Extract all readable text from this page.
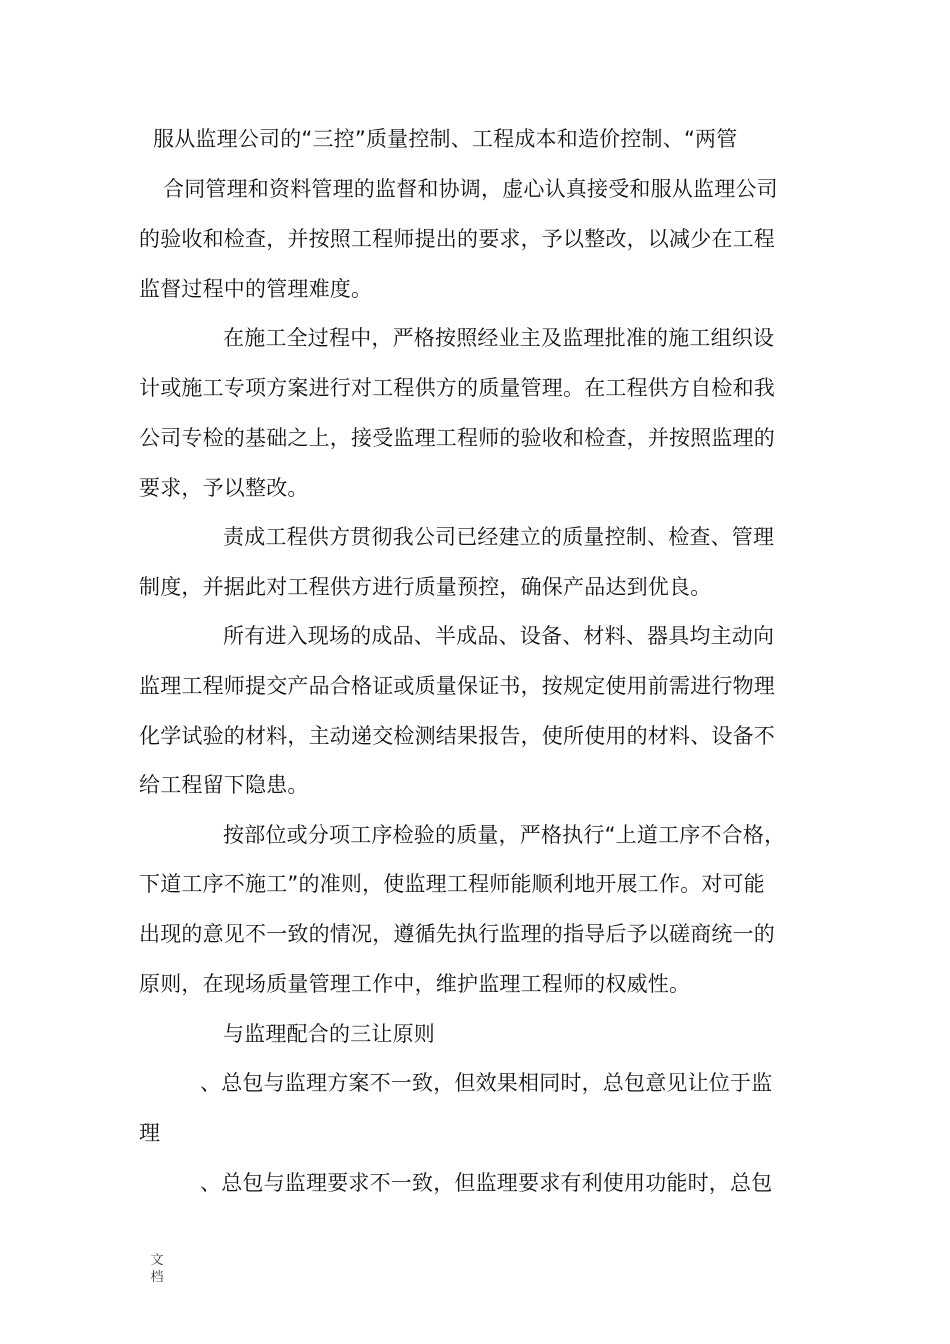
服从监理公司的“三控”质量控制、工程成本和造价控制、“两管
合同管理和资料管理的监督和协调，虚心认真接受和服从监理公司
的验收和检查，并按照工程师提出的要求，予以整改，以减少在工程
监督过程中的管理难度。
在施工全过程中，严格按照经业主及监理批准的施工组织设
计或施工专项方案进行对工程供方的质量管理。在工程供方自检和我
公司专检的基础之上，接受监理工程师的验收和检查，并按照监理的
要求，予以整改。
责成工程供方贯彻我公司已经建立的质量控制、检查、管理
制度，并据此对工程供方进行质量预控，确保产品达到优良。
所有进入现场的成品、半成品、设备、材料、器具均主动向
监理工程师提交产品合格证或质量保证书，按规定使用前需进行物理
化学试验的材料，主动递交检测结果报告，使所使用的材料、设备不
给工程留下隐患。
按部位或分项工序检验的质量，严格执行“上道工序不合格，
下道工序不施工”的准则，使监理工程师能顺利地开展工作。对可能
出现的意见不一致的情况，遵循先执行监理的指导后予以磋商统一的
原则，在现场质量管理工作中，维护监理工程师的权威性。
与监理配合的三让原则
、总包与监理方案不一致，但效果相同时，总包意见让位于监
理
、总包与监理要求不一致，但监理要求有利使用功能时，总包
文
档
